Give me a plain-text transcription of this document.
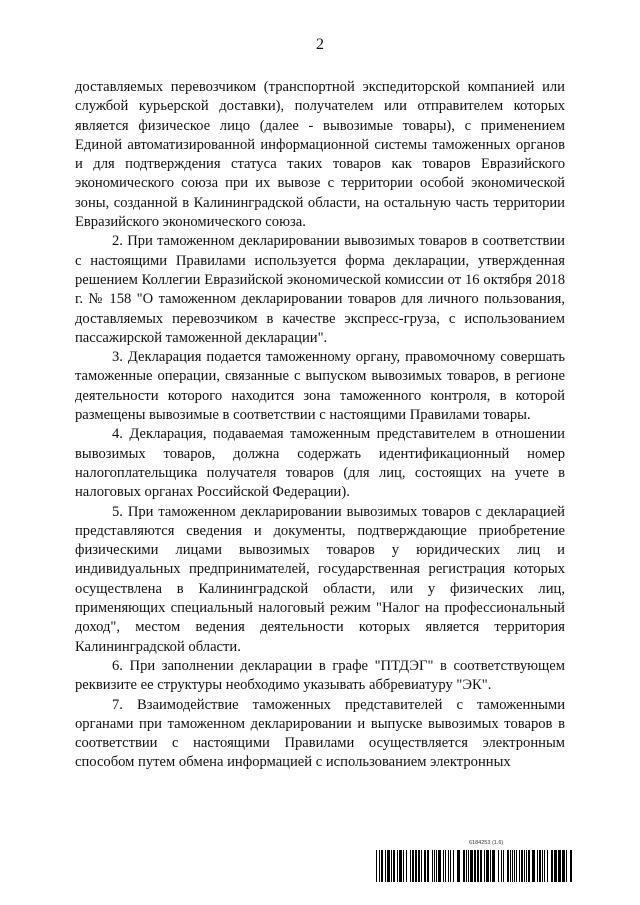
2

доставляемых перевозчиком (транспортной экспедиторской компанией или службой курьерской доставки), получателем или отправителем которых является физическое лицо (далее - вывозимые товары), с применением Единой автоматизированной информационной системы таможенных органов и для подтверждения статуса таких товаров как товаров Евразийского экономического союза при их вывозе с территории особой экономической зоны, созданной в Калининградской области, на остальную часть территории Евразийского экономического союза.

2. При таможенном декларировании вывозимых товаров в соответствии с настоящими Правилами используется форма декларации, утвержденная решением Коллегии Евразийской экономической комиссии от 16 октября 2018 г. № 158 "О таможенном декларировании товаров для личного пользования, доставляемых перевозчиком в качестве экспресс-груза, с использованием пассажирской таможенной декларации".

3. Декларация подается таможенному органу, правомочному совершать таможенные операции, связанные с выпуском вывозимых товаров, в регионе деятельности которого находится зона таможенного контроля, в которой размещены вывозимые в соответствии с настоящими Правилами товары.

4. Декларация, подаваемая таможенным представителем в отношении вывозимых товаров, должна содержать идентификационный номер налогоплательщика получателя товаров (для лиц, состоящих на учете в налоговых органах Российской Федерации).

5. При таможенном декларировании вывозимых товаров с декларацией представляются сведения и документы, подтверждающие приобретение физическими лицами вывозимых товаров у юридических лиц и индивидуальных предпринимателей, государственная регистрация которых осуществлена в Калининградской области, или у физических лиц, применяющих специальный налоговый режим "Налог на профессиональный доход", местом ведения деятельности которых является территория Калининградской области.

6. При заполнении декларации в графе "ПТДЭГ" в соответствующем реквизите ее структуры необходимо указывать аббревиатуру "ЭК".

7. Взаимодействие таможенных представителей с таможенными органами при таможенном декларировании и выпуске вывозимых товаров в соответствии с настоящими Правилами осуществляется электронным способом путем обмена информацией с использованием электронных

6184253 (1.6)
